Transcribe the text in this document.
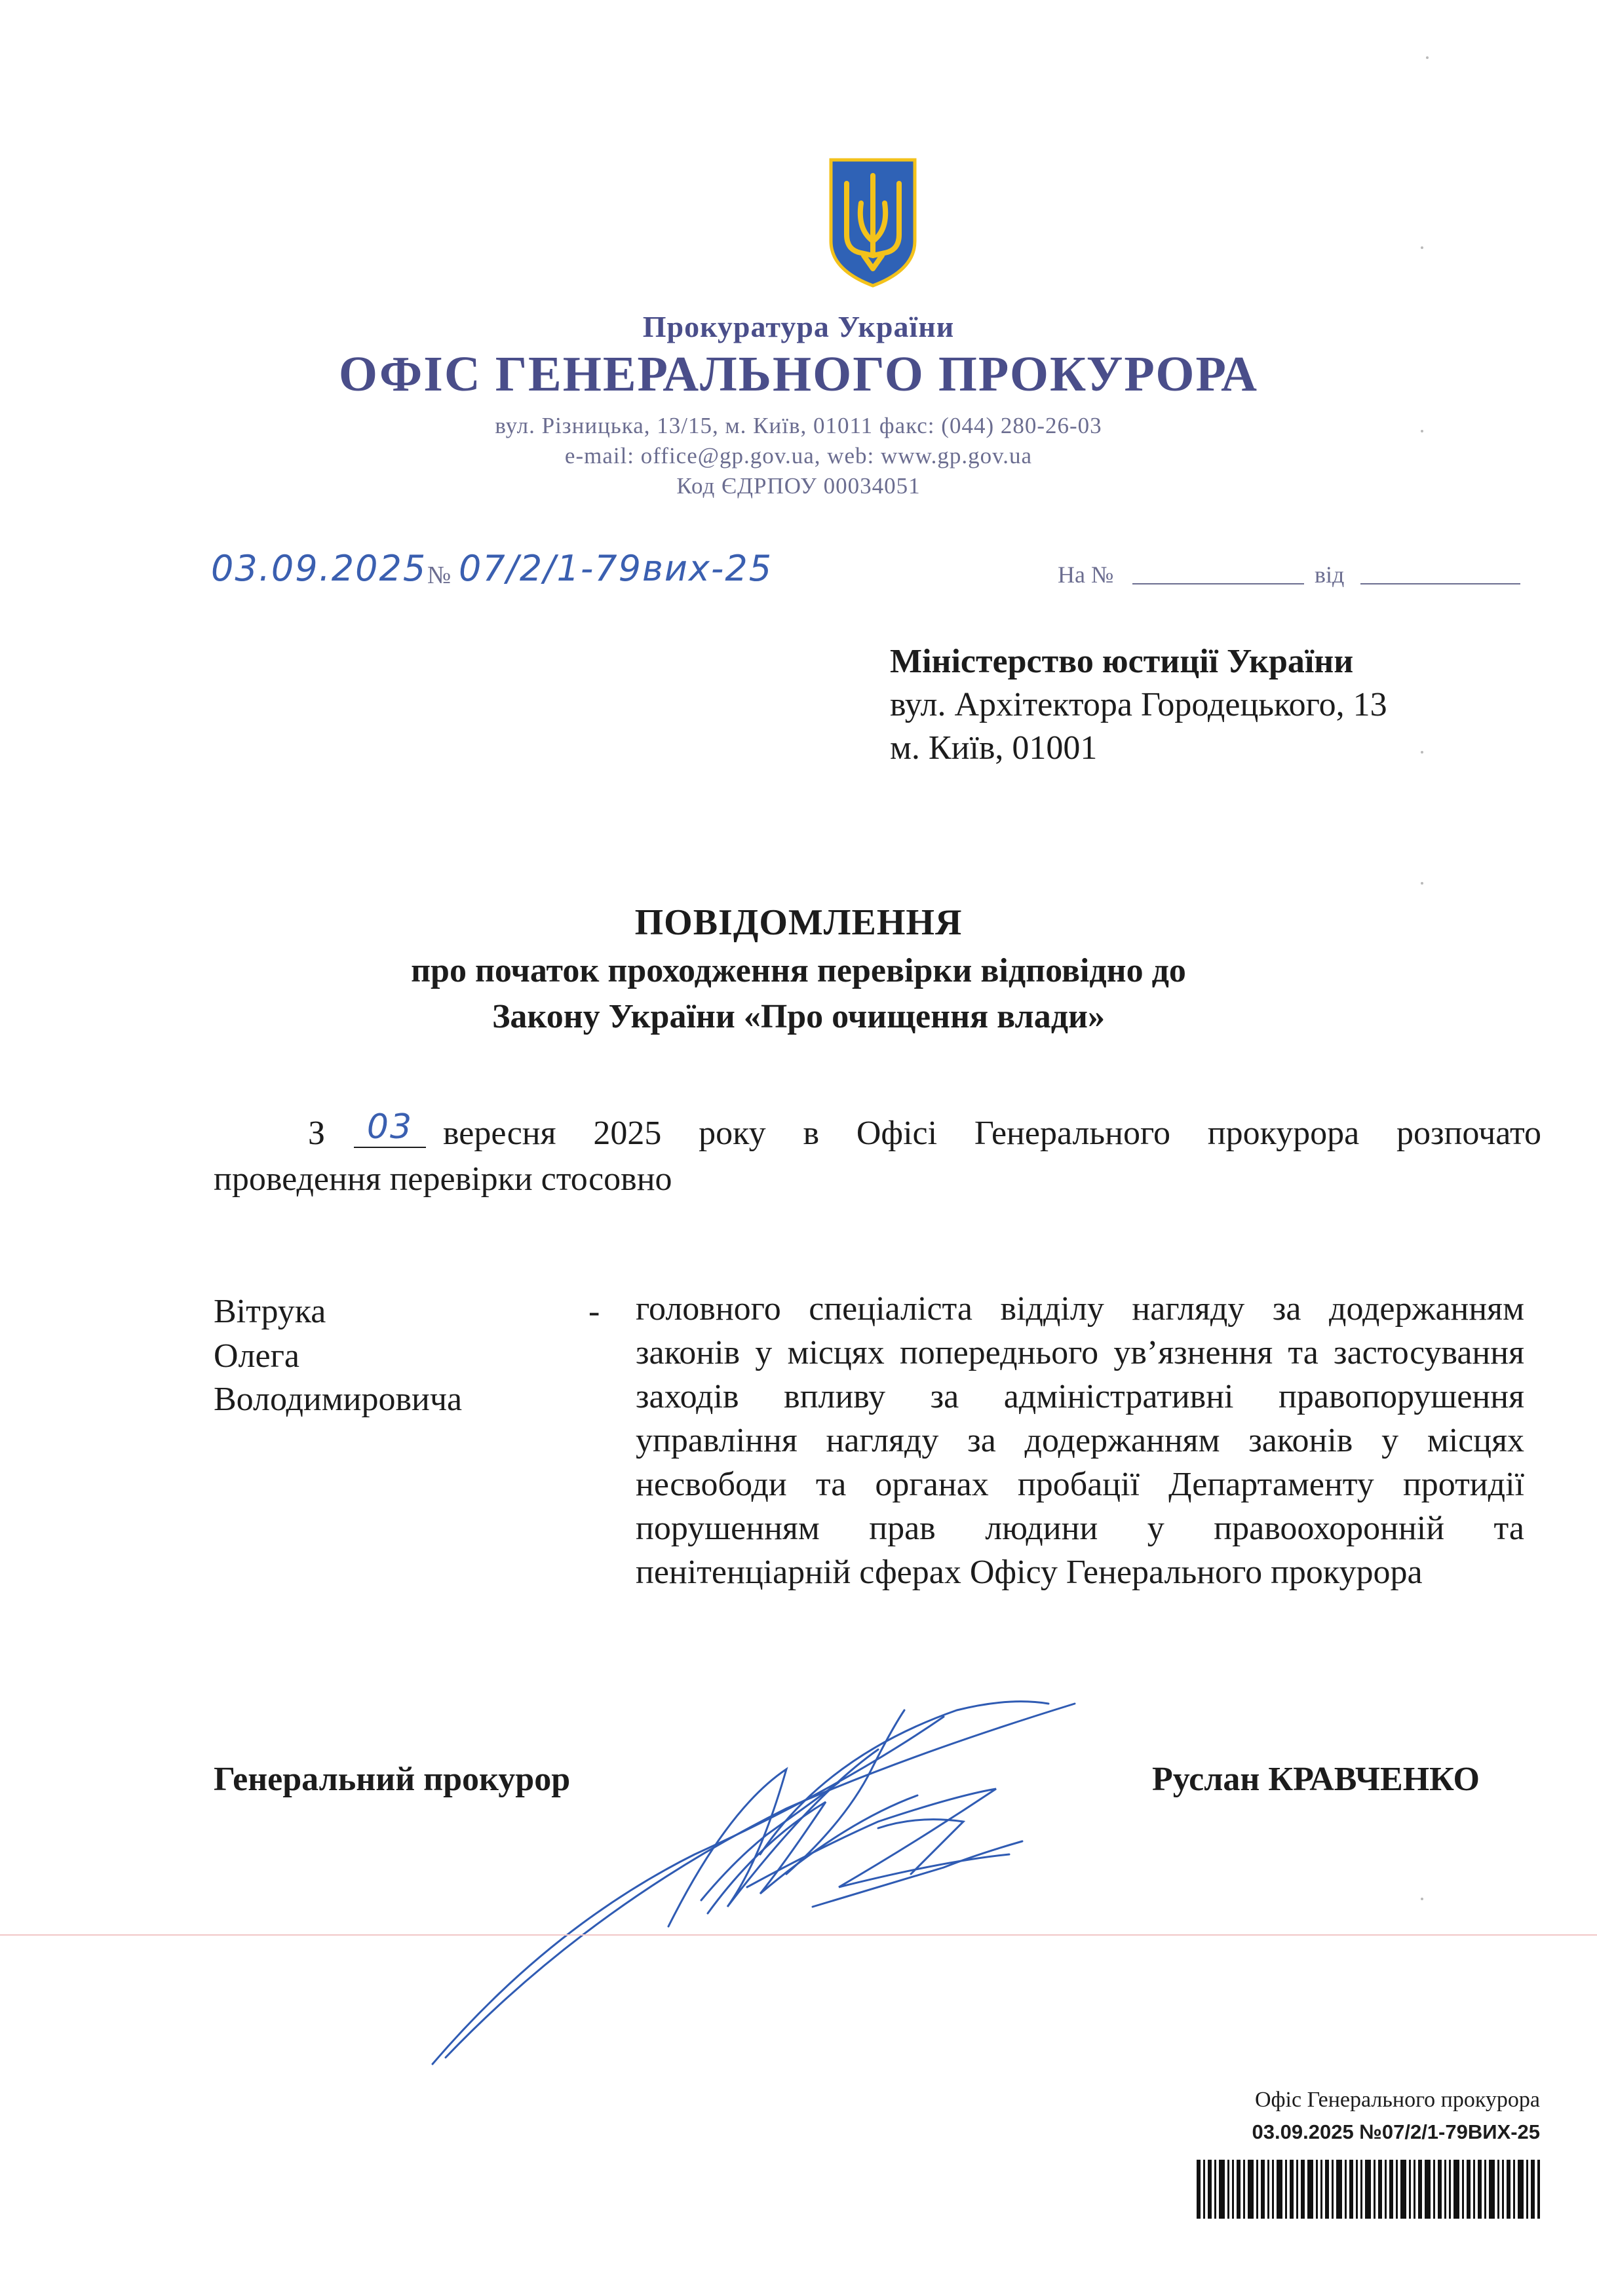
Прокуратура України
ОФІС ГЕНЕРАЛЬНОГО ПРОКУРОРА
вул. Різницька, 13/15, м. Київ, 01011 факс: (044) 280-26-03
e-mail: office@gp.gov.ua, web: www.gp.gov.ua
Код ЄДРПОУ 00034051
03.09.2025 № 07/2/1-79вих-25	На №	від
Міністерство юстиції України
вул. Архітектора Городецького, 13
м. Київ, 01001
ПОВІДОМЛЕННЯ
про початок проходження перевірки відповідно до
Закону України «Про очищення влади»
З	03 вересня 2025 року в Офісі Генерального прокурора розпочато
проведення перевірки стосовно
Вітрука
Олега
Володимировича
- головного спеціаліста відділу нагляду за додержанням законів у місцях попереднього ув’язнення та застосування заходів впливу за адміністративні правопорушення управління нагляду за додержанням законів у місцях несвободи та органах пробації Департаменту протидії порушенням прав людини у правоохоронній та пенітенціарній сферах Офісу Генерального прокурора
Генеральний прокурор	Руслан КРАВЧЕНКО
Офіс Генерального прокурора
03.09.2025 №07/2/1-79ВИХ-25
